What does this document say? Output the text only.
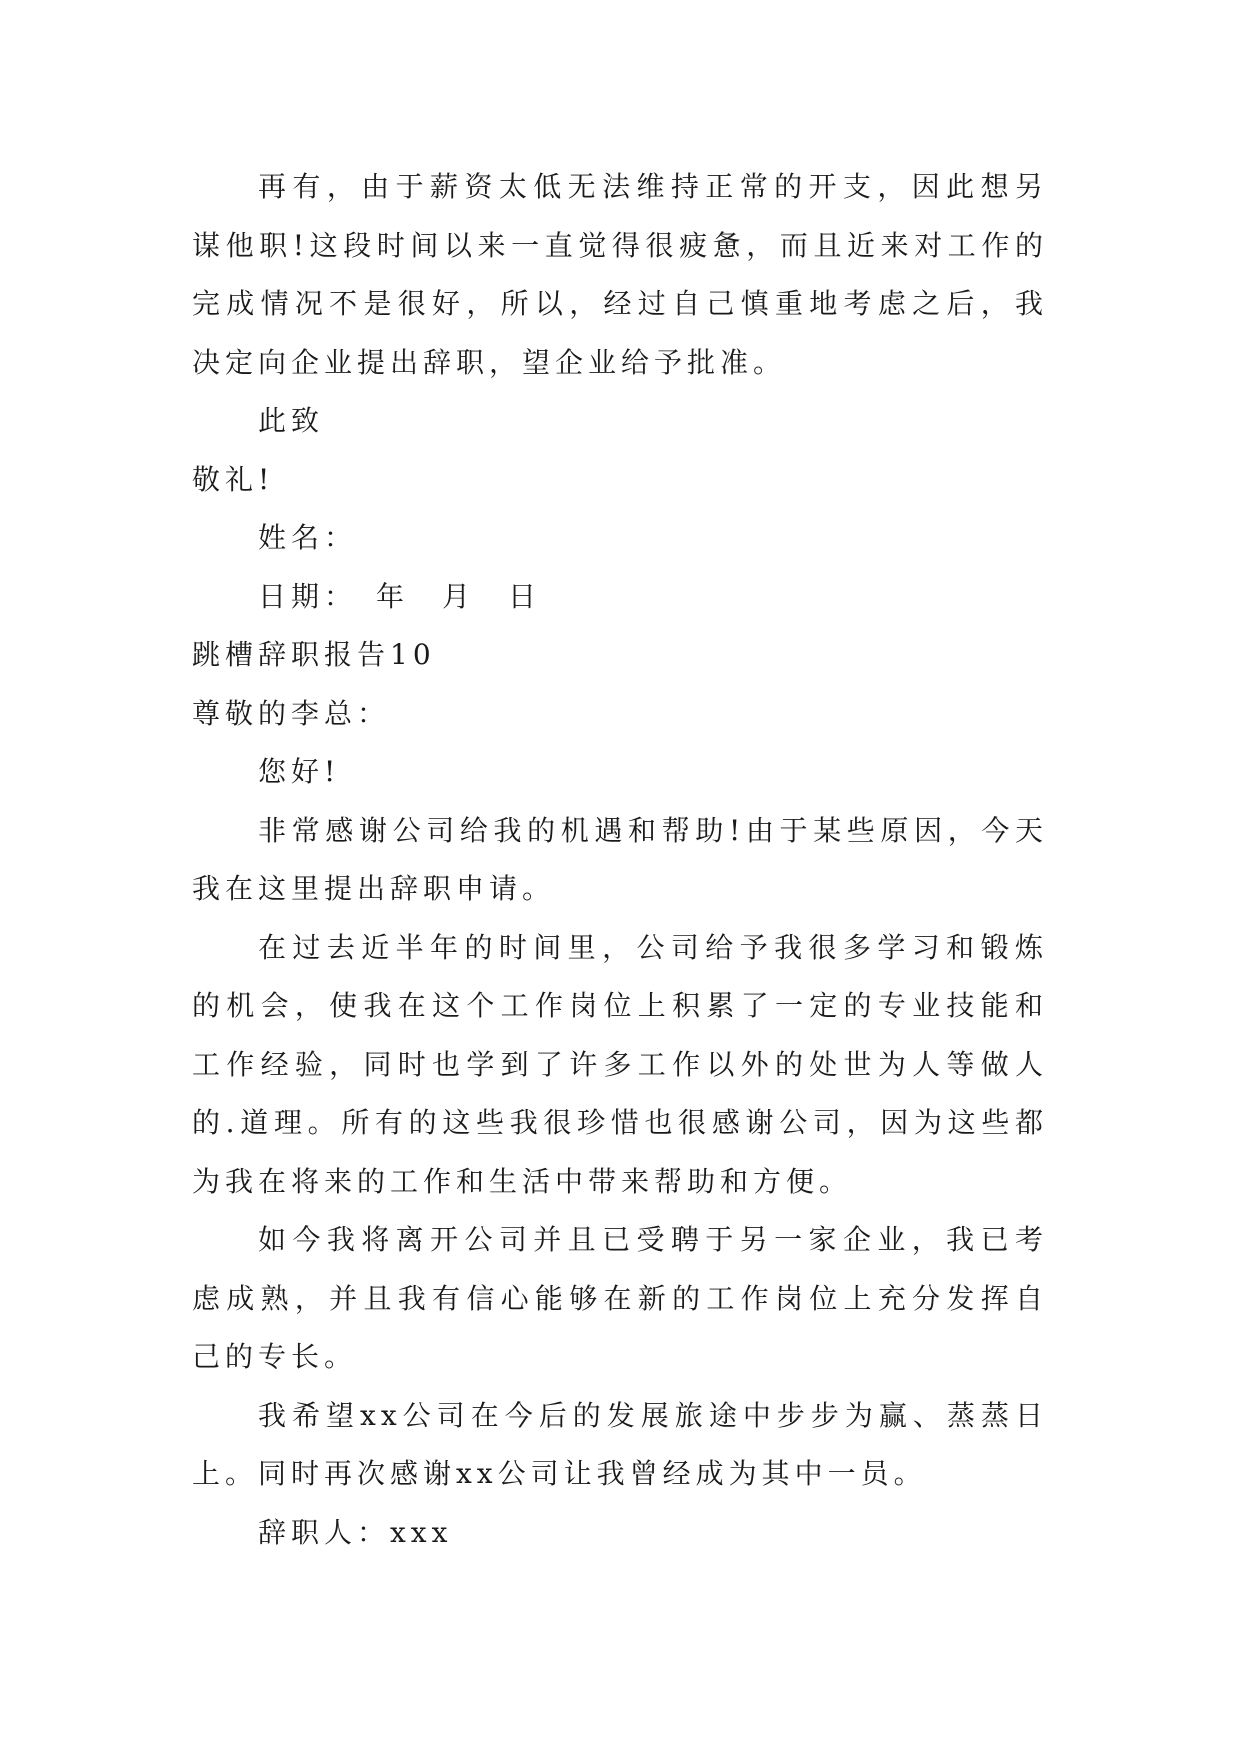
再有，由于薪资太低无法维持正常的开支，因此想另谋他职!这段时间以来一直觉得很疲惫，而且近来对工作的完成情况不是很好，所以，经过自己慎重地考虑之后，我决定向企业提出辞职，望企业给予批准。

此致

敬礼!

姓名：

日期：　年　月　日

跳槽辞职报告10

尊敬的李总：

您好!

非常感谢公司给我的机遇和帮助!由于某些原因，今天我在这里提出辞职申请。

在过去近半年的时间里，公司给予我很多学习和锻炼的机会，使我在这个工作岗位上积累了一定的专业技能和工作经验，同时也学到了许多工作以外的处世为人等做人的.道理。所有的这些我很珍惜也很感谢公司，因为这些都为我在将来的工作和生活中带来帮助和方便。

如今我将离开公司并且已受聘于另一家企业，我已考虑成熟，并且我有信心能够在新的工作岗位上充分发挥自己的专长。

我希望xx公司在今后的发展旅途中步步为赢、蒸蒸日上。同时再次感谢xx公司让我曾经成为其中一员。

辞职人：xxx
